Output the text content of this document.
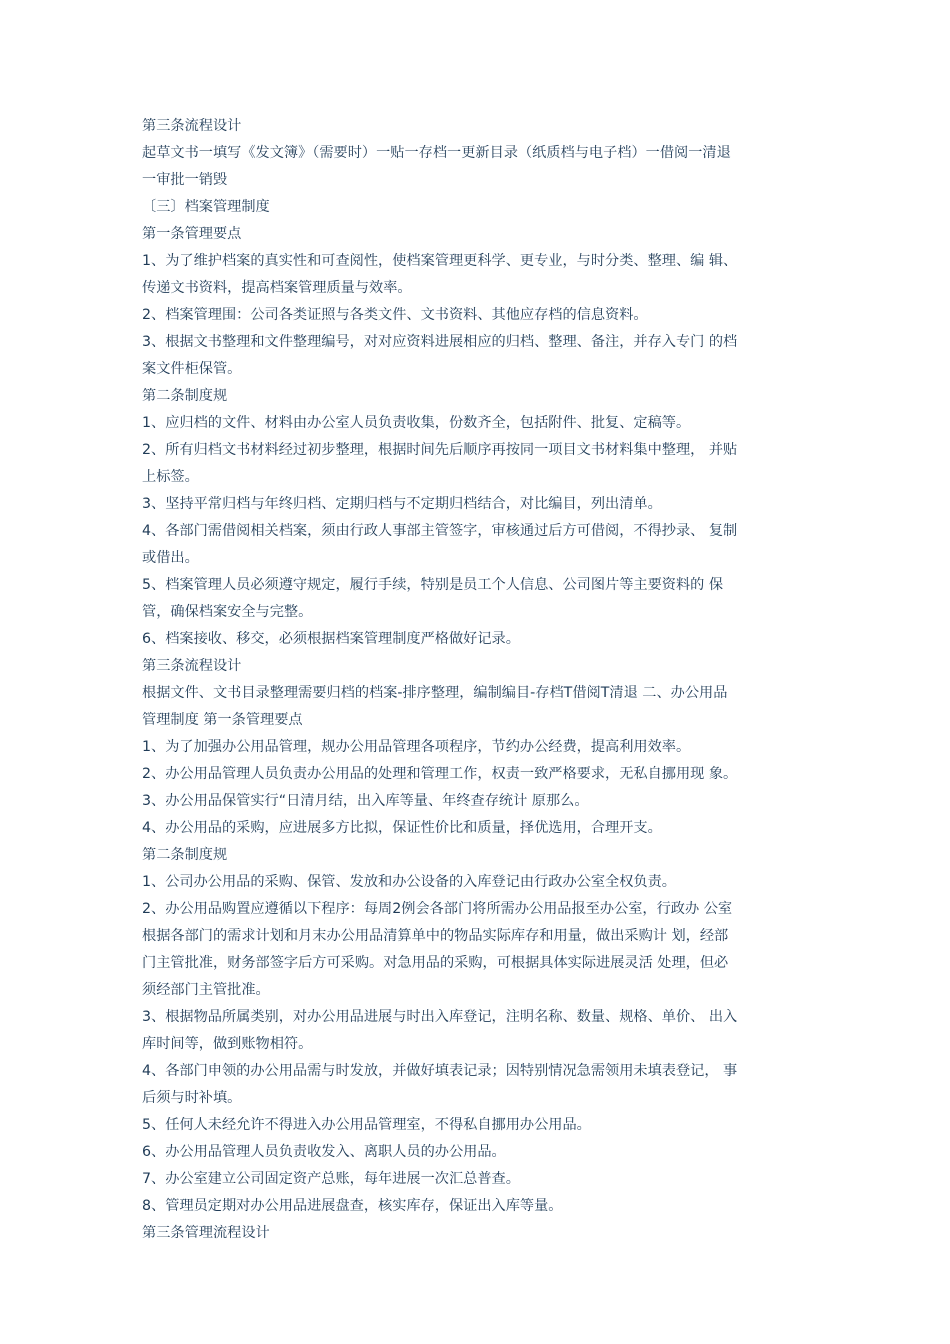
第三条流程设计

起草文书一填写《发文簿》（需要时）一贴一存档一更新目录（纸质档与电子档）一借阅一清退

一审批一销毁

〔三〕档案管理制度

第一条管理要点

1、为了维护档案的真实性和可查阅性，使档案管理更科学、更专业，与时分类、整理、编 辑、

传递文书资料，提高档案管理质量与效率。

2、档案管理围：公司各类证照与各类文件、文书资料、其他应存档的信息资料。

3、根据文书整理和文件整理编号，对对应资料进展相应的归档、整理、备注，并存入专门 的档

案文件柜保管。

第二条制度规

1、应归档的文件、材料由办公室人员负责收集，份数齐全，包括附件、批复、定稿等。

2、所有归档文书材料经过初步整理，根据时间先后顺序再按同一项目文书材料集中整理， 并贴

上标签。

3、坚持平常归档与年终归档、定期归档与不定期归档结合，对比编目，列出清单。

4、各部门需借阅相关档案，须由行政人事部主管签字，审核通过后方可借阅，不得抄录、 复制

或借出。

5、档案管理人员必须遵守规定，履行手续，特别是员工个人信息、公司图片等主要资料的 保

管，确保档案安全与完整。

6、档案接收、移交，必须根据档案管理制度严格做好记录。

第三条流程设计

根据文件、文书目录整理需要归档的档案-排序整理，编制编目-存档T借阅T清退 二、办公用品

管理制度 第一条管理要点

1、为了加强办公用品管理，规办公用品管理各项程序，节约办公经费，提高利用效率。

2、办公用品管理人员负责办公用品的处理和管理工作，权责一致严格要求，无私自挪用现 象。

3、办公用品保管实行“日清月结，出入库等量、年终查存统计 原那么。

4、办公用品的采购，应进展多方比拟，保证性价比和质量，择优选用，合理开支。

第二条制度规

1、公司办公用品的采购、保管、发放和办公设备的入库登记由行政办公室全权负责。

2、办公用品购置应遵循以下程序：每周2例会各部门将所需办公用品报至办公室，行政办 公室

根据各部门的需求计划和月末办公用品清算单中的物品实际库存和用量，做出采购计 划，经部

门主管批准，财务部签字后方可采购。对急用品的采购，可根据具体实际进展灵活 处理，但必

须经部门主管批准。

3、根据物品所属类别，对办公用品进展与时出入库登记，注明名称、数量、规格、单价、 出入

库时间等，做到账物相符。

4、各部门申领的办公用品需与时发放，并做好填表记录；因特别情况急需领用未填表登记， 事

后须与时补填。

5、任何人未经允许不得进入办公用品管理室，不得私自挪用办公用品。

6、办公用品管理人员负责收发入、离职人员的办公用品。

7、办公室建立公司固定资产总账，每年进展一次汇总普查。

8、管理员定期对办公用品进展盘查，核实库存，保证出入库等量。

第三条管理流程设计
